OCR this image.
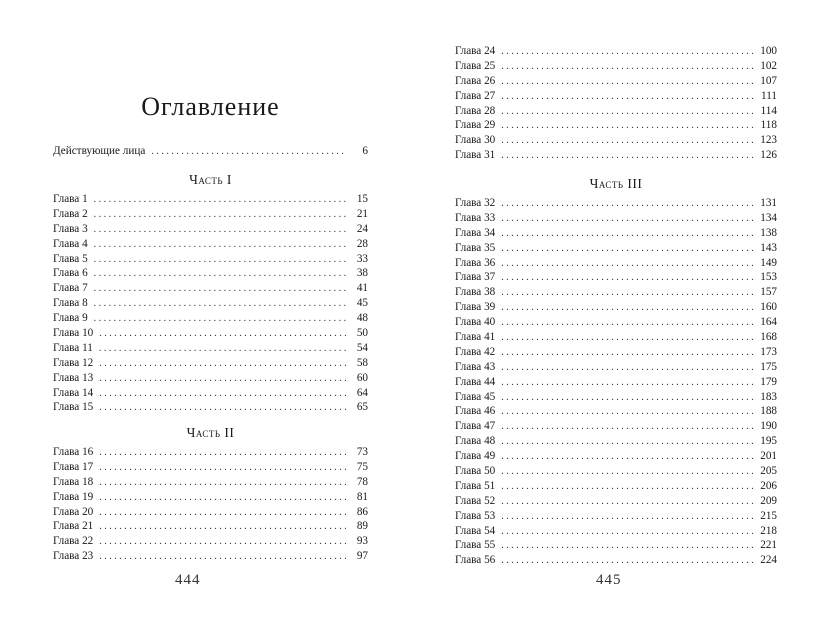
Оглавление
Действующие лица . . .	6
Часть I
Глава 1 . . .	15
Глава 2 . . .	21
Глава 3 . . .	24
Глава 4 . . .	28
Глава 5 . . .	33
Глава 6 . . .	38
Глава 7 . . .	41
Глава 8 . . .	45
Глава 9 . . .	48
Глава 10 . . .	50
Глава 11 . . .	54
Глава 12 . . .	58
Глава 13 . . .	60
Глава 14 . . .	64
Глава 15 . . .	65
Часть II
Глава 16 . . .	73
Глава 17 . . .	75
Глава 18 . . .	78
Глава 19 . . .	81
Глава 20 . . .	86
Глава 21 . . .	89
Глава 22 . . .	93
Глава 23 . . .	97
444
Глава 24 . . .	100
Глава 25 . . .	102
Глава 26 . . .	107
Глава 27 . . .	111
Глава 28 . . .	114
Глава 29 . . .	118
Глава 30 . . .	123
Глава 31 . . .	126
Часть III
Глава 32 . . .	131
Глава 33 . . .	134
Глава 34 . . .	138
Глава 35 . . .	143
Глава 36 . . .	149
Глава 37 . . .	153
Глава 38 . . .	157
Глава 39 . . .	160
Глава 40 . . .	164
Глава 41 . . .	168
Глава 42 . . .	173
Глава 43 . . .	175
Глава 44 . . .	179
Глава 45 . . .	183
Глава 46 . . .	188
Глава 47 . . .	190
Глава 48 . . .	195
Глава 49 . . .	201
Глава 50 . . .	205
Глава 51 . . .	206
Глава 52 . . .	209
Глава 53 . . .	215
Глава 54 . . .	218
Глава 55 . . .	221
Глава 56 . . .	224
445
